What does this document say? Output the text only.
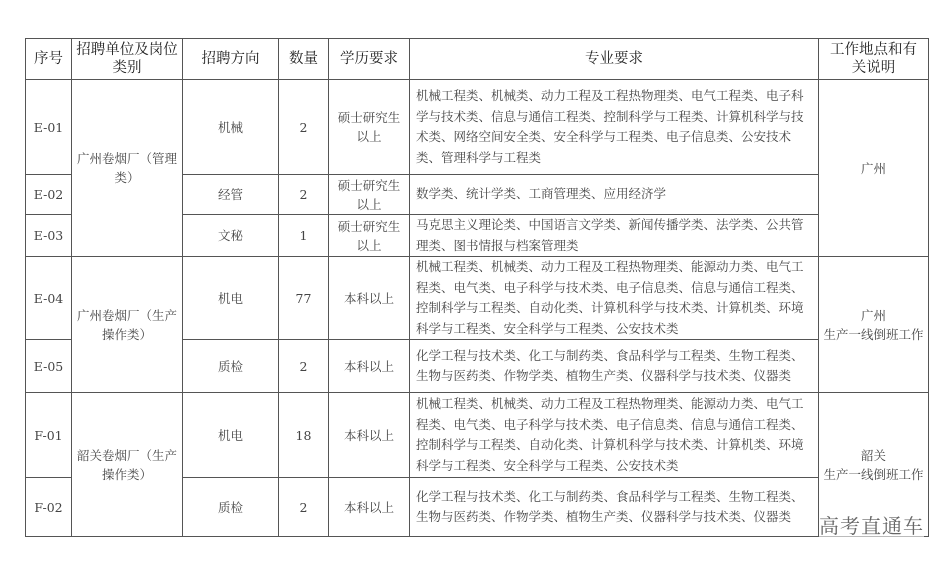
序号	招聘单位及岗位类别	招聘方向	数量	学历要求	专业要求	工作地点和有关说明
E-01	广州卷烟厂（管理类）	机械	2	硕士研究生以上	机械工程类、机械类、动力工程及工程热物理类、电气工程类、电子科学与技术类、信息与通信工程类、控制科学与工程类、计算机科学与技术类、网络空间安全类、安全科学与工程类、电子信息类、公安技术类、管理科学与工程类	广州
E-02		经管	2	硕士研究生以上	数学类、统计学类、工商管理类、应用经济学	
E-03		文秘	1	硕士研究生以上	马克思主义理论类、中国语言文学类、新闻传播学类、法学类、公共管理类、图书情报与档案管理类	
E-04	广州卷烟厂（生产操作类）	机电	77	本科以上	机械工程类、机械类、动力工程及工程热物理类、能源动力类、电气工程类、电气类、电子科学与技术类、电子信息类、信息与通信工程类、控制科学与工程类、自动化类、计算机科学与技术类、计算机类、环境科学与工程类、安全科学与工程类、公安技术类	广州
生产一线倒班工作
E-05		质检	2	本科以上	化学工程与技术类、化工与制药类、食品科学与工程类、生物工程类、生物与医药类、作物学类、植物生产类、仪器科学与技术类、仪器类	
F-01	韶关卷烟厂（生产操作类）	机电	18	本科以上	机械工程类、机械类、动力工程及工程热物理类、能源动力类、电气工程类、电气类、电子科学与技术类、电子信息类、信息与通信工程类、控制科学与工程类、自动化类、计算机科学与技术类、计算机类、环境科学与工程类、安全科学与工程类、公安技术类	韶关
生产一线倒班工作
F-02		质检	2	本科以上	化学工程与技术类、化工与制药类、食品科学与工程类、生物工程类、生物与医药类、作物学类、植物生产类、仪器科学与技术类、仪器类	高考直通车
